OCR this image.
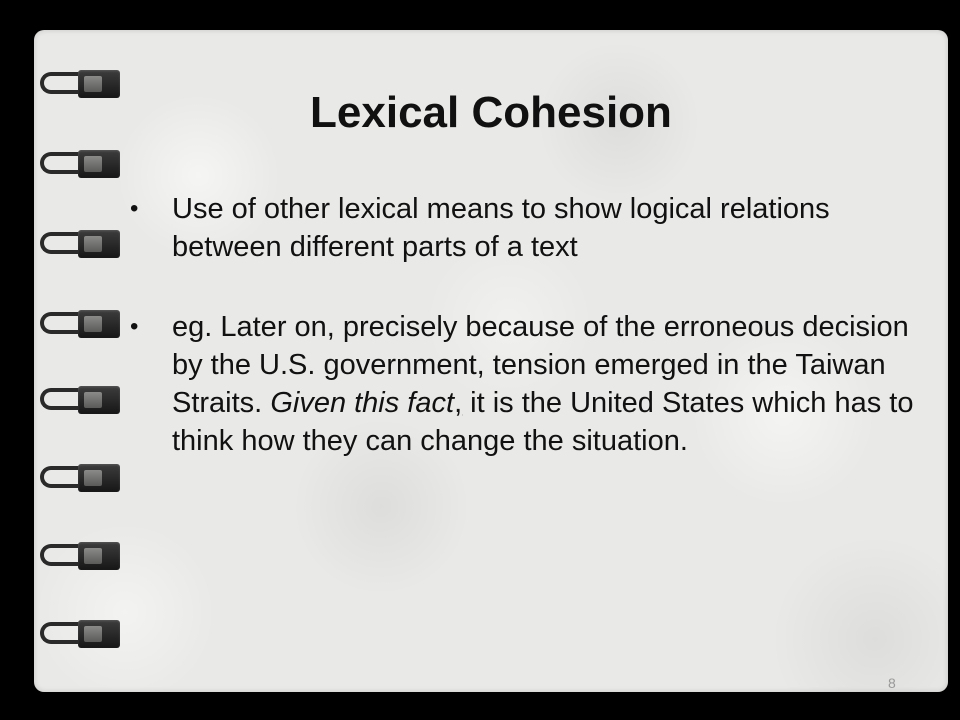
Lexical Cohesion
• Use of other lexical means to show logical relations between different parts of a text
• eg. Later on, precisely because of the erroneous decision by the U.S. government, tension emerged in the Taiwan Straits. Given this fact, it is the United States which has to think how they can change the situation.
8
